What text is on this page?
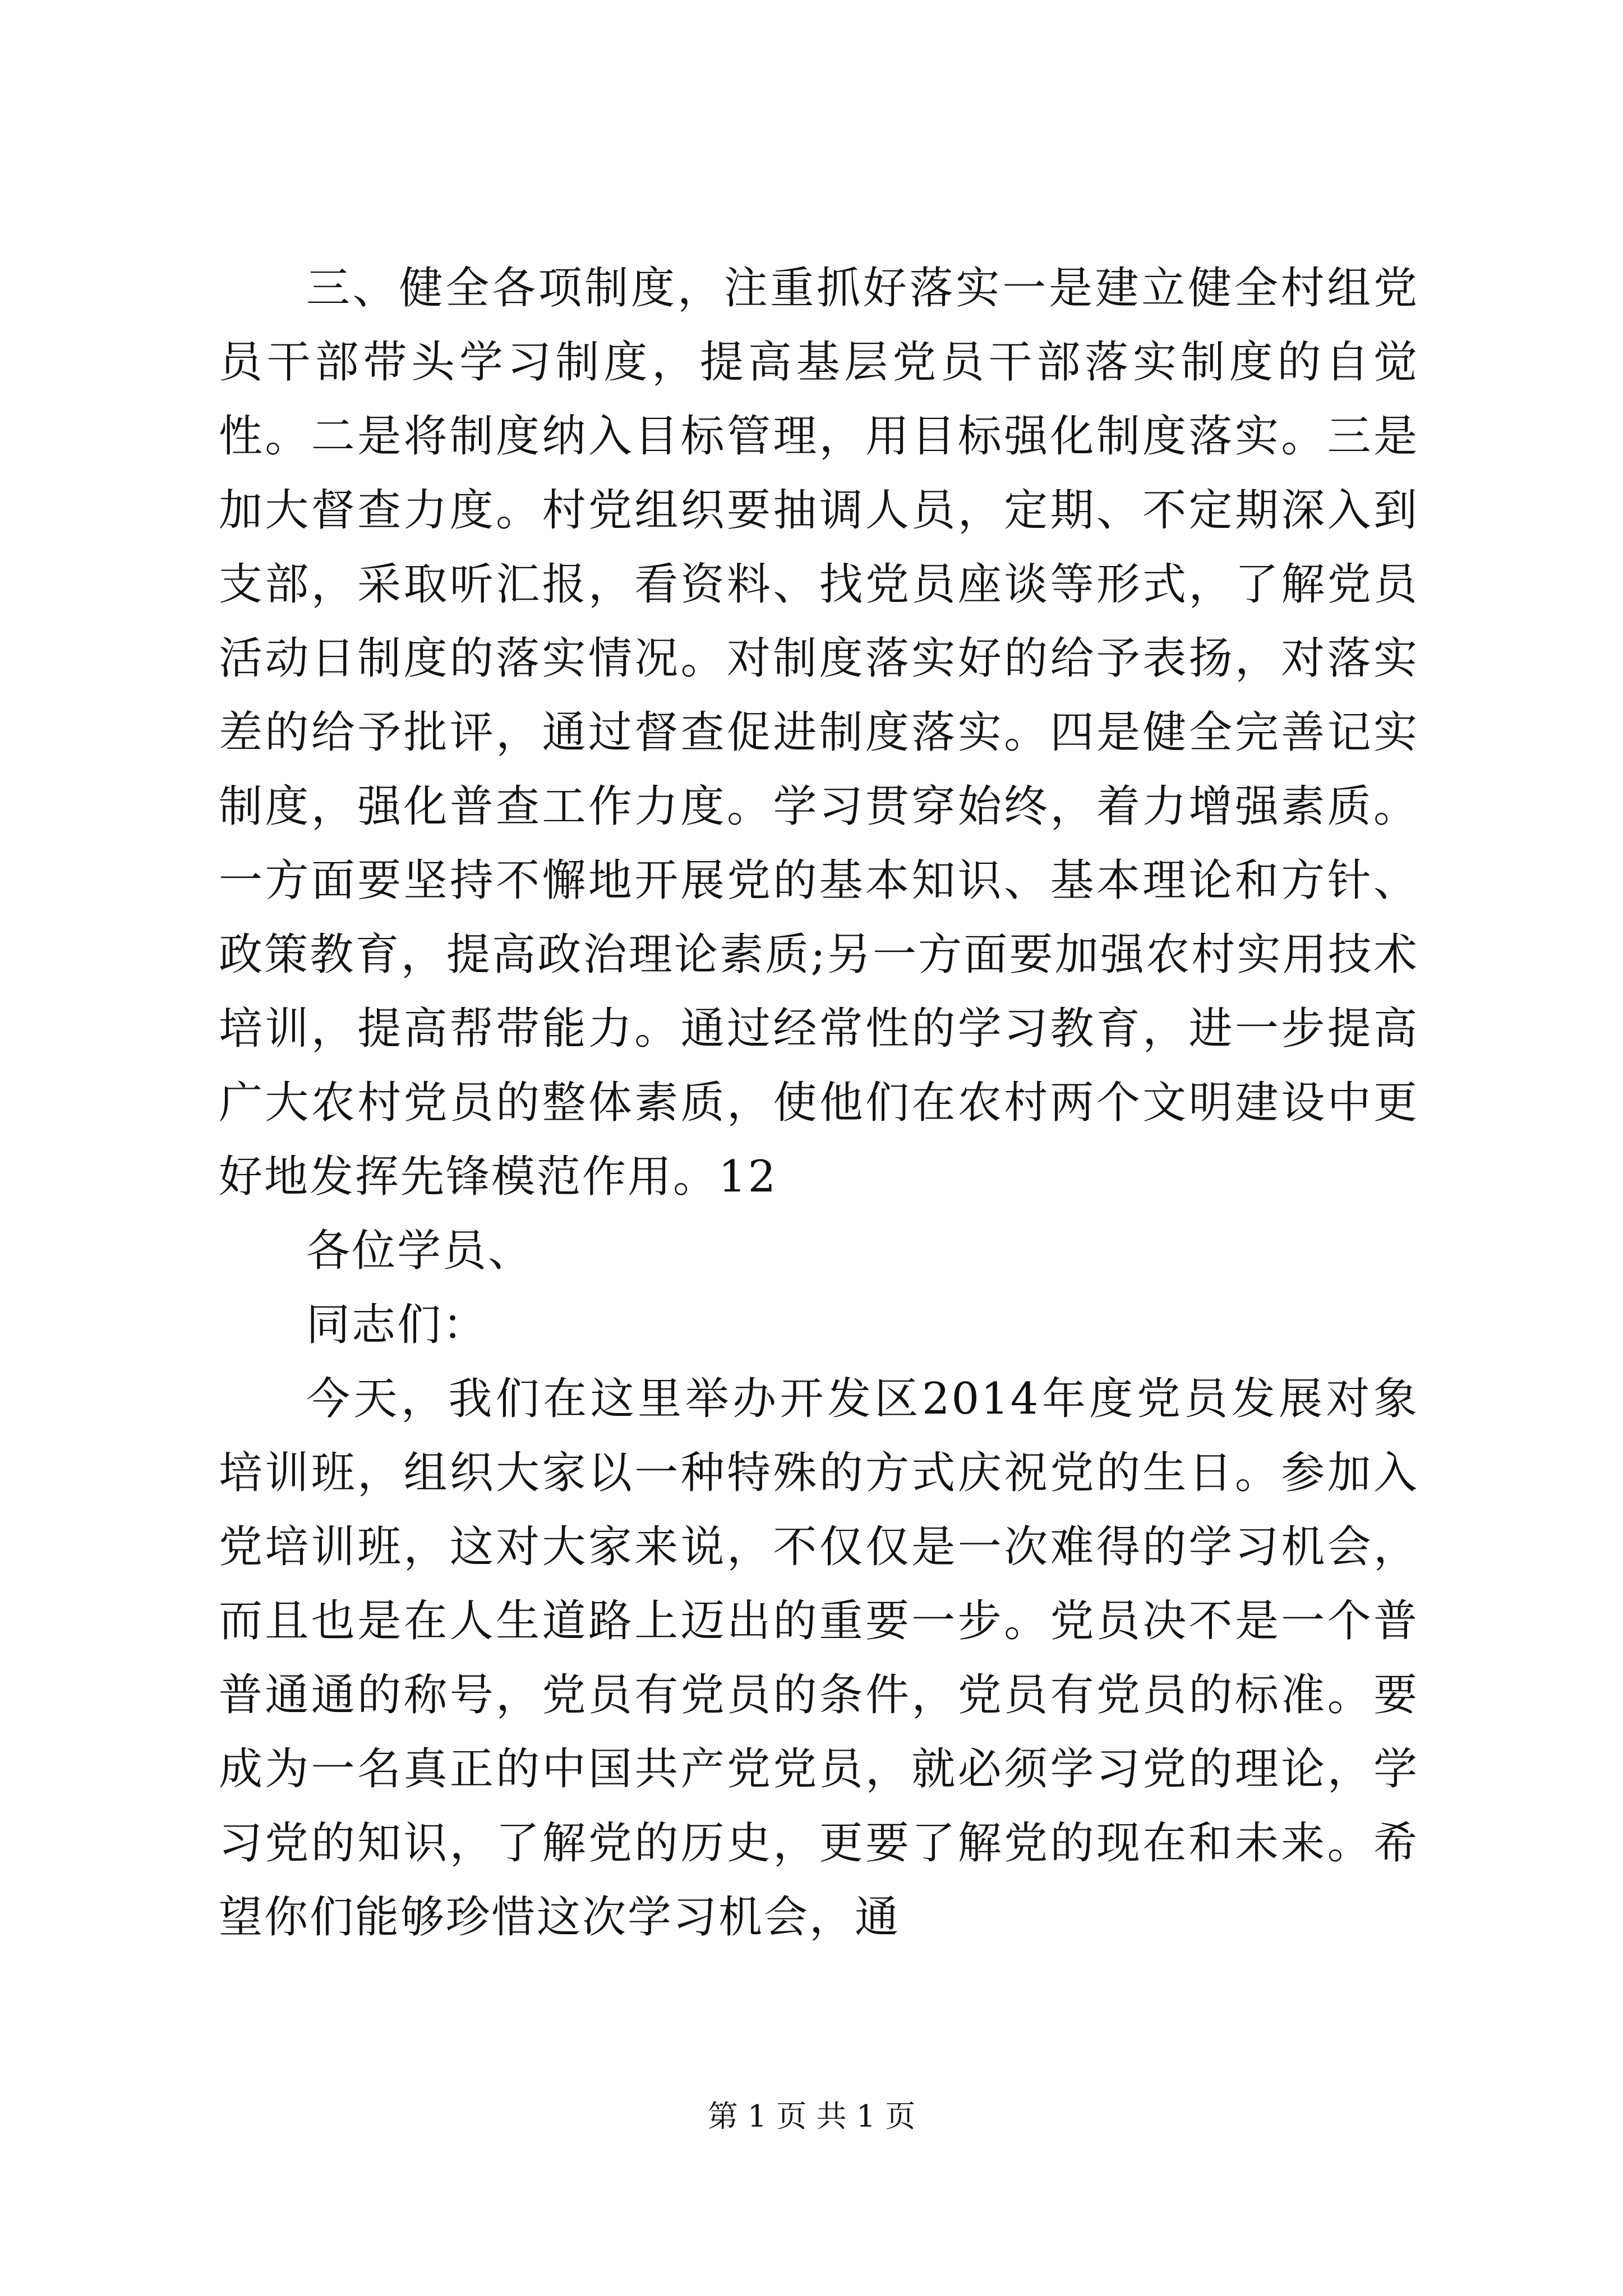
三、健全各项制度，注重抓好落实一是建立健全村组党员干部带头学习制度，提高基层党员干部落实制度的自觉性。二是将制度纳入目标管理，用目标强化制度落实。三是加大督查力度。村党组织要抽调人员，定期、不定期深入到支部，采取听汇报，看资料、找党员座谈等形式，了解党员活动日制度的落实情况。对制度落实好的给予表扬，对落实差的给予批评，通过督查促进制度落实。四是健全完善记实制度，强化普查工作力度。学习贯穿始终，着力增强素质。一方面要坚持不懈地开展党的基本知识、基本理论和方针、政策教育，提高政治理论素质;另一方面要加强农村实用技术培训，提高帮带能力。通过经常性的学习教育，进一步提高广大农村党员的整体素质，使他们在农村两个文明建设中更好地发挥先锋模范作用。12

各位学员、

同志们：

今天，我们在这里举办开发区2014年度党员发展对象培训班，组织大家以一种特殊的方式庆祝党的生日。参加入党培训班，这对大家来说，不仅仅是一次难得的学习机会，而且也是在人生道路上迈出的重要一步。党员决不是一个普普通通的称号，党员有党员的条件，党员有党员的标准。要成为一名真正的中国共产党党员，就必须学习党的理论，学习党的知识，了解党的历史，更要了解党的现在和未来。希望你们能够珍惜这次学习机会，通

第 1 页 共 1 页
